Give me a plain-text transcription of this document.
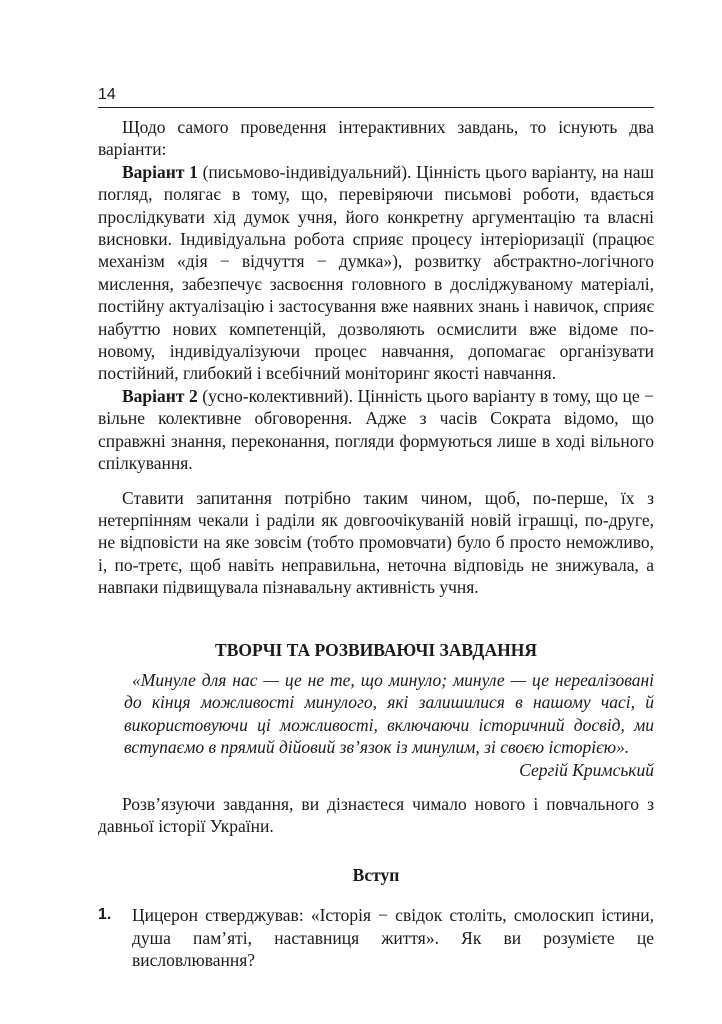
14

Щодо самого проведення інтерактивних завдань, то існують два варіанти:

Варіант 1 (письмово-індивідуальний). Цінність цього варіанту, на наш погляд, полягає в тому, що, перевіряючи письмові роботи, вдається прослідкувати хід думок учня, його конкретну аргументацію та власні висновки. Індивідуальна робота сприяє процесу інтеріоризації (працює механізм «дія − відчуття − думка»), розвитку абстрактно-логічного мислення, забезпечує засвоєння головного в досліджуваному матеріалі, постійну актуалізацію і застосування вже наявних знань і навичок, сприяє набуттю нових компетенцій, дозволяють осмислити вже відоме по-новому, індивідуалізуючи процес навчання, допомагає організувати постійний, глибокий і всебічний моніторинг якості навчання.

Варіант 2 (усно-колективний). Цінність цього варіанту в тому, що це − вільне колективне обговорення. Адже з часів Сократа відомо, що справжні знання, переконання, погляди формуються лише в ході вільного спілкування.

Ставити запитання потрібно таким чином, щоб, по-перше, їх з нетерпінням чекали і раділи як довгоочікуваній новій іграшці, по-друге, не відповісти на яке зовсім (тобто промовчати) було б просто неможливо, і, по-третє, щоб навіть неправильна, неточна відповідь не знижувала, а навпаки підвищувала пізнавальну активність учня.

ТВОРЧІ ТА РОЗВИВАЮЧІ ЗАВДАННЯ

«Минуле для нас — це не те, що минуло; минуле — це нереалізовані до кінця можливості минулого, які залишилися в нашому часі, й використовуючи ці можливості, включаючи історичний досвід, ми вступаємо в прямий дійовий зв’язок із минулим, зі своєю історією».

Сергій Кримський

Розв’язуючи завдання, ви дізнаєтеся чимало нового і повчального з давньої історії України.

Вступ
1.	Цицерон стверджував: «Історія − свідок століть, смолоскип істини, душа пам’яті, наставниця життя». Як ви розумієте це висловлювання?
